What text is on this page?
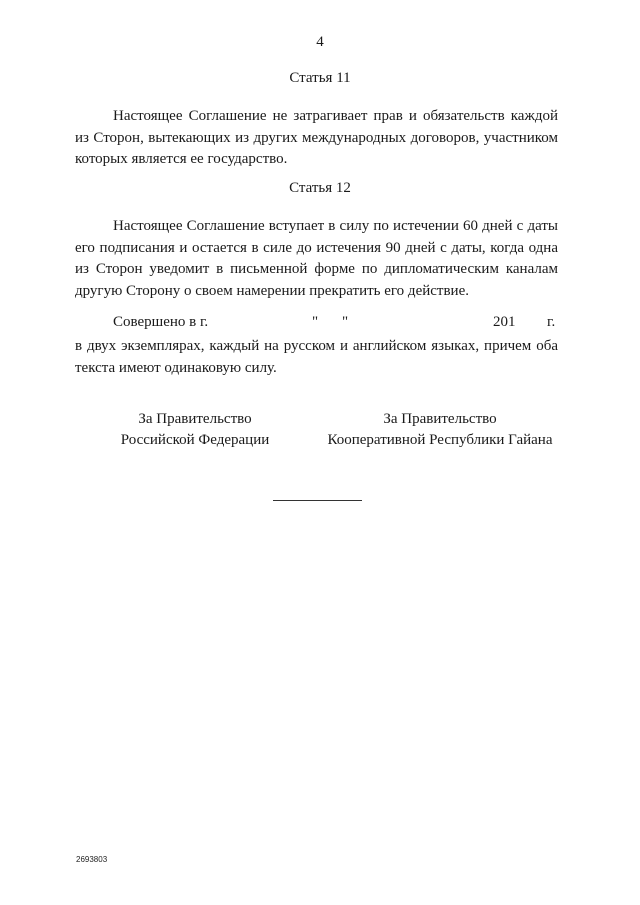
4
Статья 11

Настоящее Соглашение не затрагивает прав и обязательств каждой из Сторон, вытекающих из других международных договоров, участником которых является ее государство.

Статья 12

Настоящее Соглашение вступает в силу по истечении 60 дней с даты его подписания и остается в силе до истечения 90 дней с даты, когда одна из Сторон уведомит в письменной форме по дипломатическим каналам другую Сторону о своем намерении прекратить его действие.

Совершено в г.	" "	201 г.

в двух экземплярах, каждый на русском и английском языках, причем оба текста имеют одинаковую силу.

За Правительство
Российской Федерации
За Правительство
Кооперативной Республики Гайана
2693803
